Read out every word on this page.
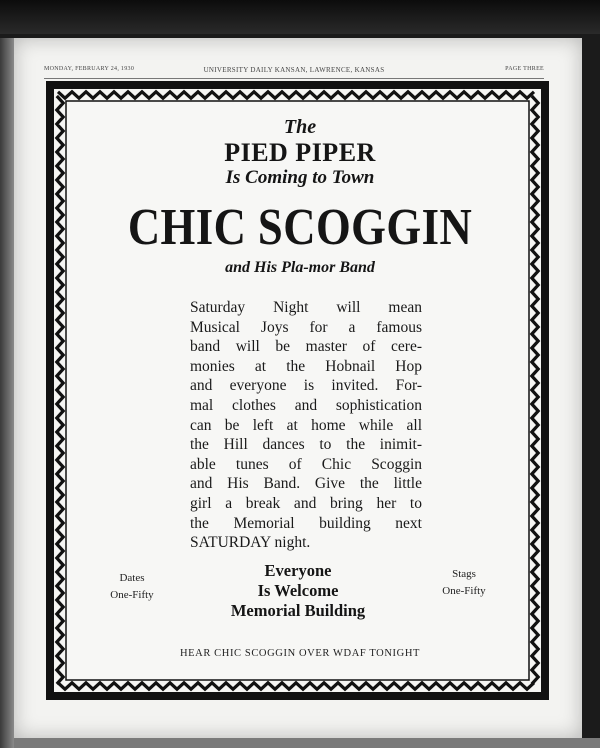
MONDAY, FEBRUARY 24, 1930	UNIVERSITY DAILY KANSAN, LAWRENCE, KANSAS	PAGE THREE
The
PIED PIPER
Is Coming to Town
CHIC SCOGGIN
and His Pla-mor Band
Saturday Night will mean
Musical Joys for a famous
band will be master of cere-
monies at the Hobnail Hop
and everyone is invited. For-
mal clothes and sophistication
can be left at home while all
the Hill dances to the inimit-
able tunes of Chic Scoggin
and His Band. Give the little
girl a break and bring her to
the Memorial building next
SATURDAY night.
Dates
One-Fifty
Everyone
Is Welcome
Memorial Building
Stags
One-Fifty
HEAR CHIC SCOGGIN OVER WDAF TONIGHT
